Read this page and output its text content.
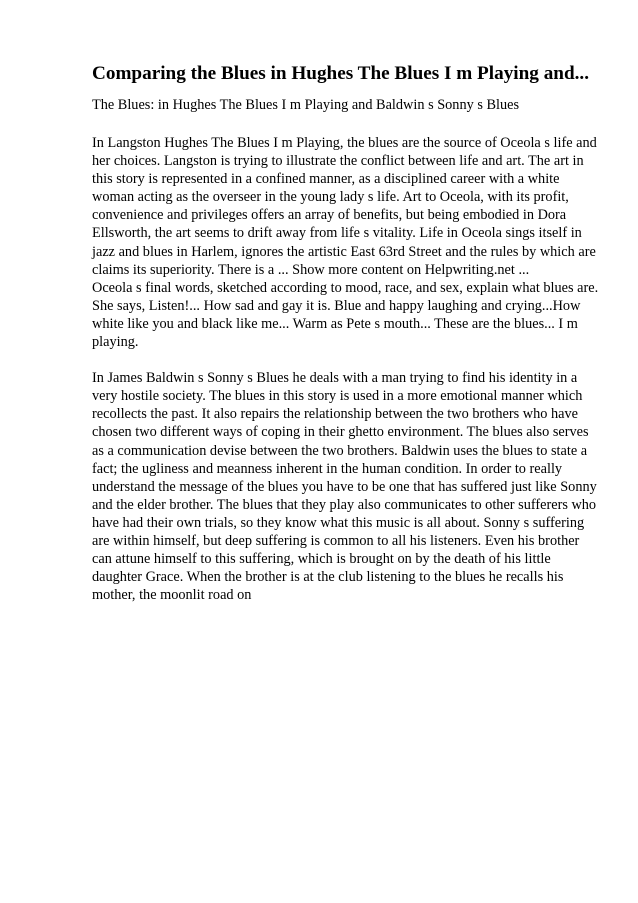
Comparing the Blues in Hughes The Blues I m Playing and...
The Blues: in Hughes The Blues I m Playing and Baldwin s Sonny s Blues

In Langston Hughes The Blues I m Playing, the blues are the source of Oceola s life and her choices. Langston is trying to illustrate the conflict between life and art. The art in this story is represented in a confined manner, as a disciplined career with a white woman acting as the overseer in the young lady s life. Art to Oceola, with its profit, convenience and privileges offers an array of benefits, but being embodied in Dora Ellsworth, the art seems to drift away from life s vitality. Life in Oceola sings itself in jazz and blues in Harlem, ignores the artistic East 63rd Street and the rules by which are claims its superiority. There is a ... Show more content on Helpwriting.net ...

Oceola s final words, sketched according to mood, race, and sex, explain what blues are. She says, Listen!... How sad and gay it is. Blue and happy laughing and crying...How white like you and black like me... Warm as Pete s mouth... These are the blues... I m playing.

In James Baldwin s Sonny s Blues he deals with a man trying to find his identity in a very hostile society. The blues in this story is used in a more emotional manner which recollects the past. It also repairs the relationship between the two brothers who have chosen two different ways of coping in their ghetto environment. The blues also serves as a communication devise between the two brothers. Baldwin uses the blues to state a fact; the ugliness and meanness inherent in the human condition. In order to really understand the message of the blues you have to be one that has suffered just like Sonny and the elder brother. The blues that they play also communicates to other sufferers who have had their own trials, so they know what this music is all about. Sonny s suffering are within himself, but deep suffering is common to all his listeners. Even his brother can attune himself to this suffering, which is brought on by the death of his little daughter Grace. When the brother is at the club listening to the blues he recalls his mother, the moonlit road on
